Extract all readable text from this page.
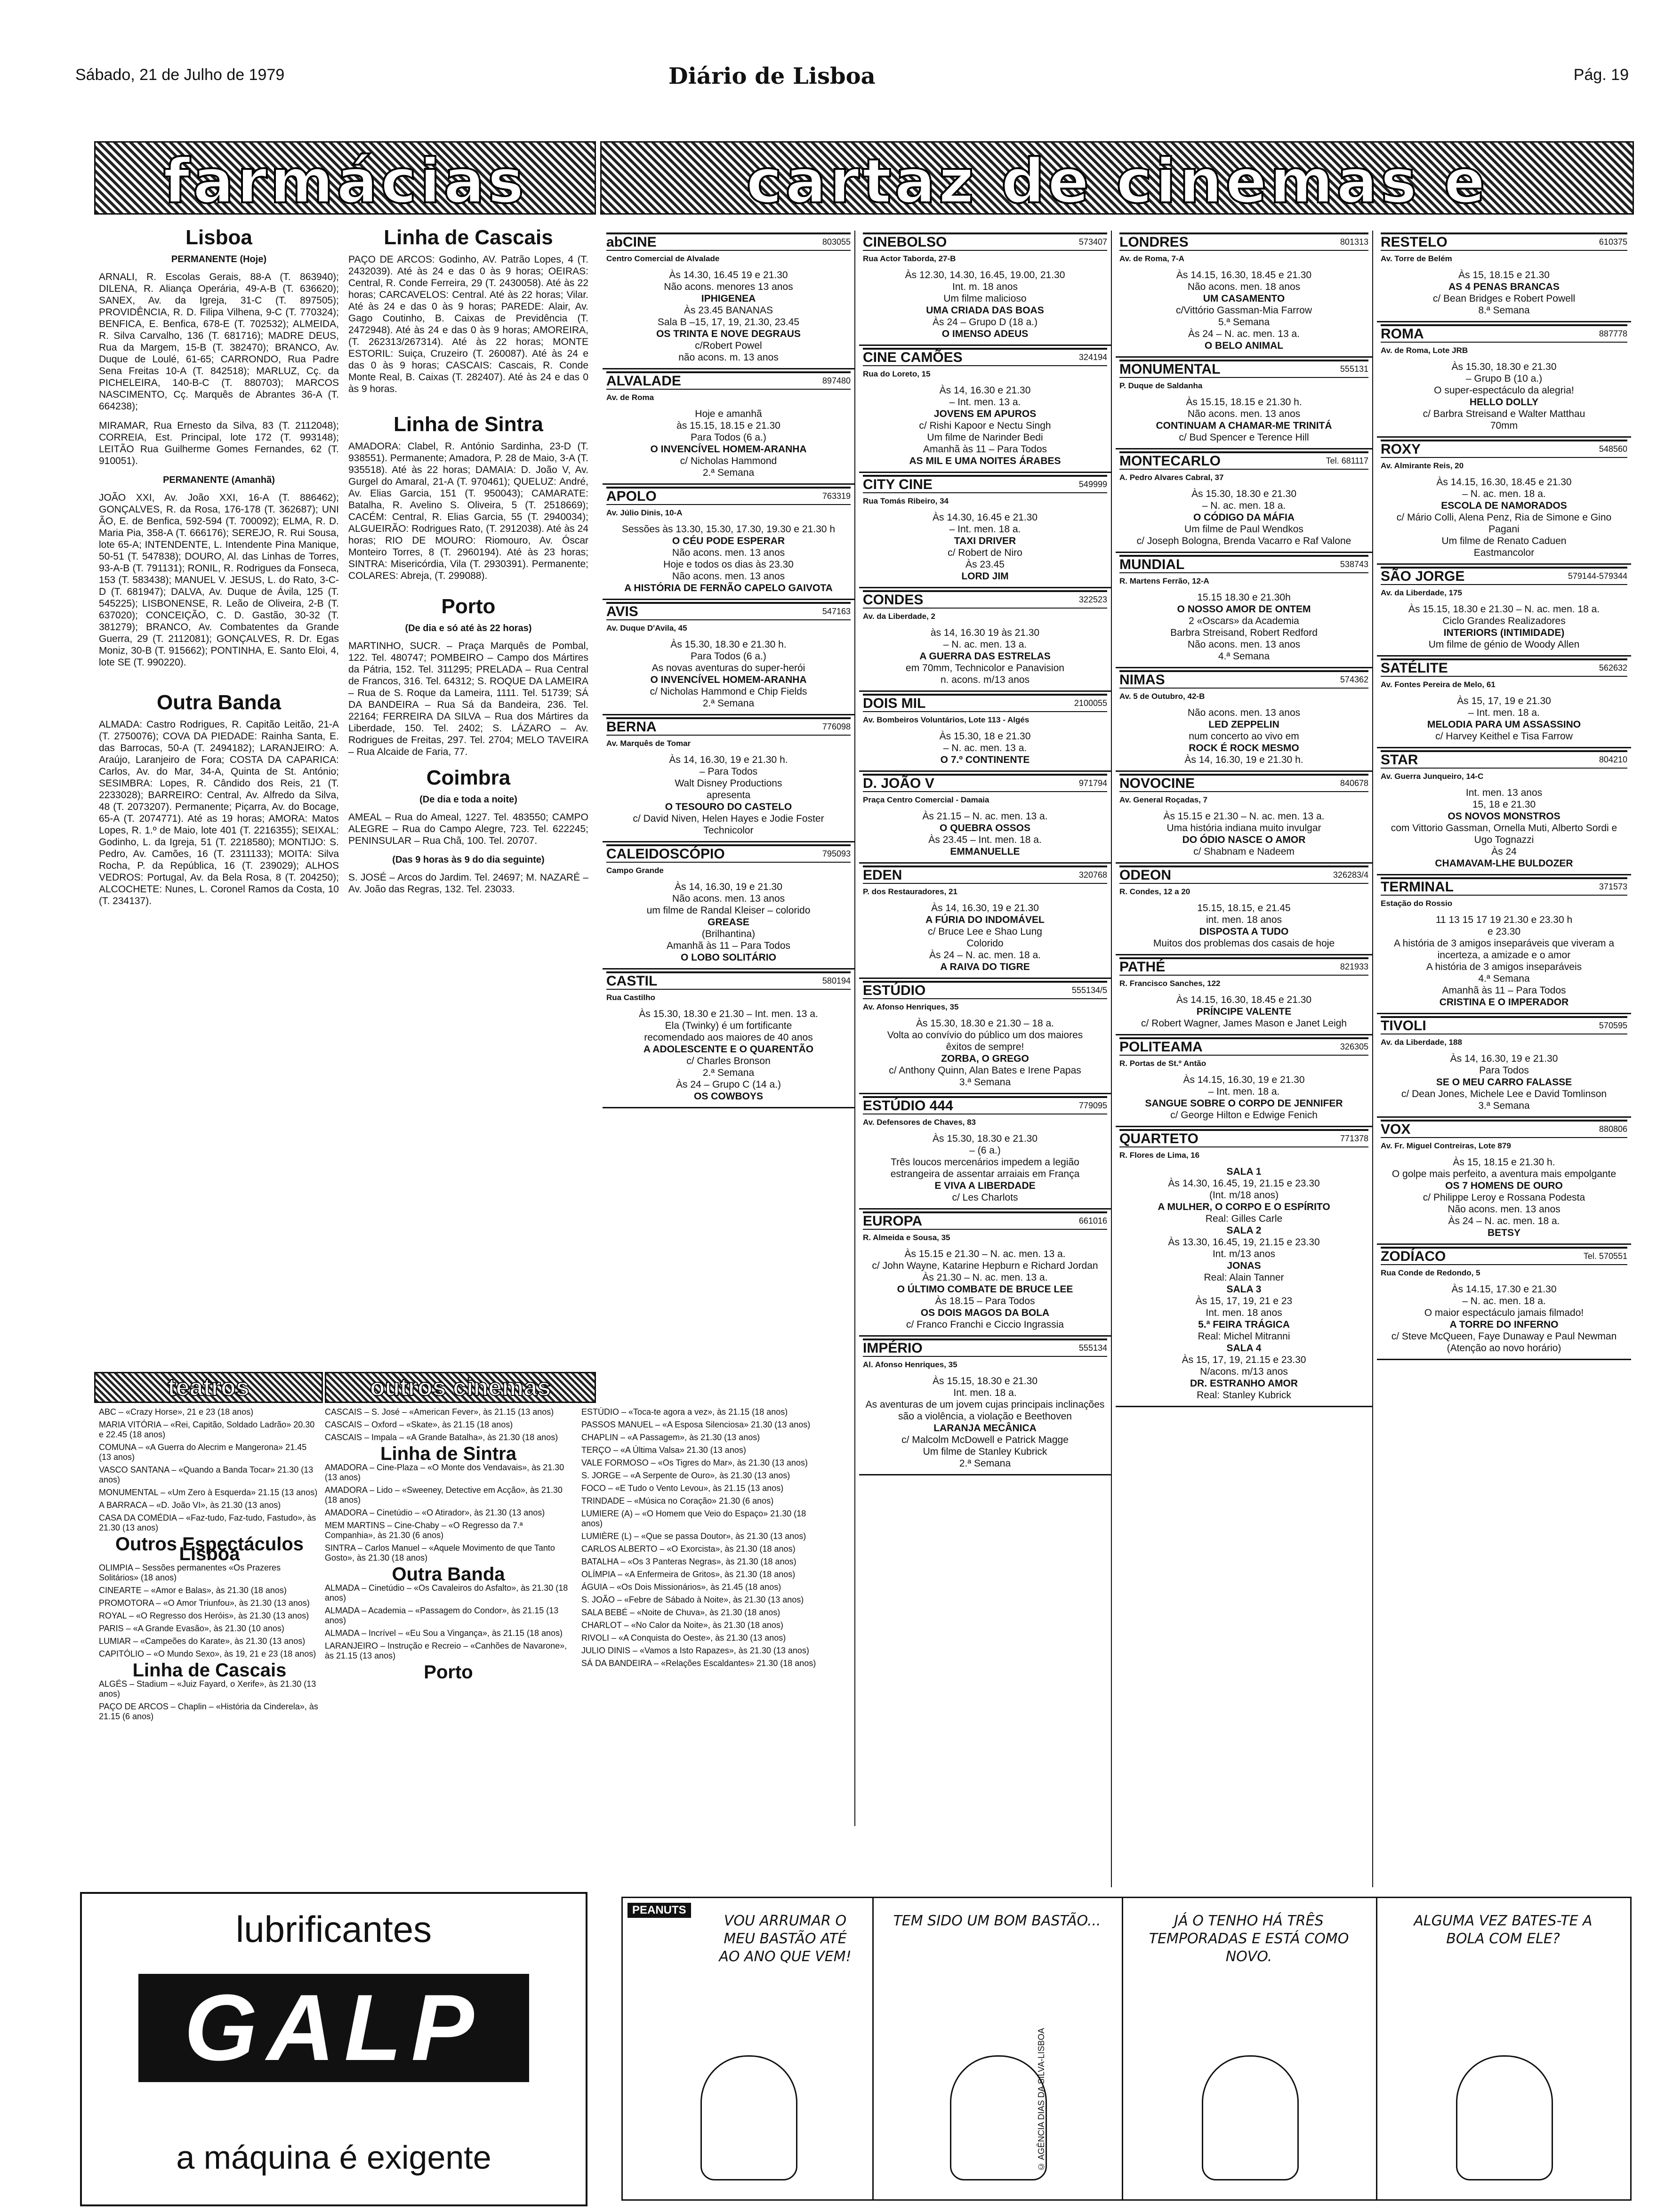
Sábado, 21 de Julho de 1979	Diário de Lisboa	Pág. 19
farmácias	cartaz de cinemas e
Lisboa
PERMANENTE (Hoje)

ARNALI, R. Escolas Gerais, 88-A (T. 863940); DILENA, R. Aliança Operária, 49-A-B (T. 636620); SANEX, Av. da Igreja, 31-C (T. 897505); PROVIDÊNCIA, R. D. Filipa Vilhena, 9-C (T. 770324); BENFICA, E. Benfica, 678-E (T. 702532); ALMEIDA, R. Silva Carvalho, 136 (T. 681716); MADRE DEUS, Rua da Margem, 15-B (T. 382470); BRANCO, Av. Duque de Loulé, 61-65; CARRONDO, Rua Padre Sena Freitas 10-A (T. 842518); MARLUZ, Cç. da PICHELEIRA, 140-B-C (T. 880703); MARCOS NASCIMENTO, Cç. Marquês de Abrantes 36-A (T. 664238);

MIRAMAR, Rua Ernesto da Silva, 83 (T. 2112048); CORREIA, Est. Principal, lote 172 (T. 993148); LEITÃO Rua Guilherme Gomes Fernandes, 62 (T. 910051).

PERMANENTE (Amanhã)

JOÃO XXI, Av. João XXI, 16-A (T. 886462); GONÇALVES, R. da Rosa, 176-178 (T. 362687); UNI ÃO, E. de Benfica, 592-594 (T. 700092); ELMA, R. D. Maria Pia, 358-A (T. 666176); SEREJO, R. Rui Sousa, lote 65-A; INTENDENTE, L. Intendente Pina Manique, 50-51 (T. 547838); DOURO, Al. das Linhas de Torres, 93-A-B (T. 791131); RONIL, R. Rodrigues da Fonseca, 153 (T. 583438); MANUEL V. JESUS, L. do Rato, 3-C-D (T. 681947); DALVA, Av. Duque de Ávila, 125 (T. 545225); LISBONENSE, R. Leão de Oliveira, 2-B (T. 637020); CONCEIÇÃO, C. D. Gastão, 30-32 (T. 381279); BRANCO, Av. Combatentes da Grande Guerra, 29 (T. 2112081); GONÇALVES, R. Dr. Egas Moniz, 30-B (T. 915662); PONTINHA, E. Santo Eloi, 4, lote SE (T. 990220).

Outra Banda

ALMADA: Castro Rodrigues, R. Capitão Leitão, 21-A (T. 2750076); COVA DA PIEDADE: Rainha Santa, E. das Barrocas, 50-A (T. 2494182); LARANJEIRO: A. Araújo, Laranjeiro de Fora; COSTA DA CAPARICA: Carlos, Av. do Mar, 34-A, Quinta de St. António; SESIMBRA: Lopes, R. Cândido dos Reis, 21 (T. 2233028); BARREIRO: Central, Av. Alfredo da Silva, 48 (T. 2073207). Permanente; Piçarra, Av. do Bocage, 65-A (T. 2074771). Até as 19 horas; AMORA: Matos Lopes, R. 1.º de Maio, lote 401 (T. 2216355); SEIXAL: Godinho, L. da Igreja, 51 (T. 2218580); MONTIJO: S. Pedro, Av. Camões, 16 (T. 2311133); MOITA: Silva Rocha, P. da República, 16 (T. 239029); ALHOS VEDROS: Portugal, Av. da Bela Rosa, 8 (T. 204250); ALCOCHETE: Nunes, L. Coronel Ramos da Costa, 10 (T. 234137).

Linha de Cascais

PAÇO DE ARCOS: Godinho, AV. Patrão Lopes, 4 (T. 2432039). Até às 24 e das 0 às 9 horas; OEIRAS: Central, R. Conde Ferreira, 29 (T. 2430058). Até às 22 horas; CARCAVELOS: Central. Até às 22 horas; Vilar. Até às 24 e das 0 às 9 horas; PAREDE: Alair, Av. Gago Coutinho, B. Caixas de Previdência (T. 2472948). Até às 24 e das 0 às 9 horas; AMOREIRA, (T. 262313/267314). Até às 22 horas; MONTE ESTORIL: Suiça, Cruzeiro (T. 260087). Até às 24 e das 0 às 9 horas; CASCAIS: Cascais, R. Conde Monte Real, B. Caixas (T. 282407). Até às 24 e das 0 às 9 horas.

Linha de Sintra

AMADORA: Clabel, R. António Sardinha, 23-D (T. 938551). Permanente; Amadora, P. 28 de Maio, 3-A (T. 935518). Até às 22 horas; DAMAIA: D. João V, Av. Gurgel do Amaral, 21-A (T. 970461); QUELUZ: André, Av. Elias Garcia, 151 (T. 950043); CAMARATE: Batalha, R. Avelino S. Oliveira, 5 (T. 2518669); CACÉM: Central, R. Elias Garcia, 55 (T. 2940034); ALGUEIRÃO: Rodrigues Rato, (T. 2912038). Até às 24 horas; RIO DE MOURO: Riomouro, Av. Óscar Monteiro Torres, 8 (T. 2960194). Até às 23 horas; SINTRA: Misericórdia, Vila (T. 2930391). Permanente; COLARES: Abreja, (T. 299088).

Porto
(De dia e só até às 22 horas)

MARTINHO, SUCR. – Praça Marquês de Pombal, 122. Tel. 480747; POMBEIRO – Campo dos Mártires da Pátria, 152. Tel. 311295; PRELADA – Rua Central de Francos, 316. Tel. 64312; S. ROQUE DA LAMEIRA – Rua de S. Roque da Lameira, 1111. Tel. 51739; SÁ DA BANDEIRA – Rua Sá da Bandeira, 236. Tel. 22164; FERREIRA DA SILVA – Rua dos Mártires da Liberdade, 150. Tel. 2402; S. LÁZARO – Av. Rodrigues de Freitas, 297. Tel. 2704; MELO TAVEIRA – Rua Alcaide de Faria, 77.

Coimbra
(De dia e toda a noite)

AMEAL – Rua do Ameal, 1227. Tel. 483550; CAMPO ALEGRE – Rua do Campo Alegre, 723. Tel. 622245; PENINSULAR – Rua Chã, 100. Tel. 20707.

(Das 9 horas às 9 do dia seguinte)

S. JOSÉ – Arcos do Jardim. Tel. 24697; M. NAZARÉ – Av. João das Regras, 132. Tel. 23033.

abCINE	803055
Centro Comercial de Alvalade
Às 14.30, 16.45 19 e 21.30
Não acons. menores 13 anos
IPHIGENEA
Às 23.45 BANANAS
Sala B –15, 17, 19, 21.30, 23.45
OS TRINTA E NOVE DEGRAUS
c/Robert Powel
não acons. m. 13 anos
ALVALADE	897480
Av. de Roma
Hoje e amanhã
às 15.15, 18.15 e 21.30
Para Todos (6 a.)
O INVENCÍVEL HOMEM-ARANHA
c/ Nicholas Hammond
2.ª Semana
APOLO	763319
Av. Júlio Dinis, 10-A
Sessões às 13.30, 15.30, 17.30, 19.30 e 21.30 h
O CÉU PODE ESPERAR
Não acons. men. 13 anos
Hoje e todos os dias às 23.30
Não acons. men. 13 anos
A HISTÓRIA DE FERNÃO CAPELO GAIVOTA
AVIS	547163
Av. Duque D'Avila, 45
Às 15.30, 18.30 e 21.30 h.
Para Todos (6 a.)
As novas aventuras do super-herói
O INVENCÍVEL HOMEM-ARANHA
c/ Nicholas Hammond e Chip Fields
2.ª Semana
BERNA	776098
Av. Marquês de Tomar
Às 14, 16.30, 19 e 21.30 h.
– Para Todos
Walt Disney Productions
apresenta
O TESOURO DO CASTELO
c/ David Niven, Helen Hayes e Jodie Foster
Technicolor
CALEIDOSCÓPIO	795093
Campo Grande
Às 14, 16.30, 19 e 21.30
Não acons. men. 13 anos
um filme de Randal Kleiser – colorido
GREASE
(Brilhantina)
Amanhã às 11 – Para Todos
O LOBO SOLITÁRIO
CASTIL	580194
Rua Castilho
Às 15.30, 18.30 e 21.30 – Int. men. 13 a.
Ela (Twinky) é um fortificante
recomendado aos maiores de 40 anos
A ADOLESCENTE E O QUARENTÃO
c/ Charles Bronson
2.ª Semana
Às 24 – Grupo C (14 a.)
OS COWBOYS
CINEBOLSO	573407
Rua Actor Taborda, 27-B
Às 12.30, 14.30, 16.45, 19.00, 21.30
Int. m. 18 anos
Um filme malicioso
UMA CRIADA DAS BOAS
Às 24 – Grupo D (18 a.)
O IMENSO ADEUS
CINE CAMÕES	324194
Rua do Loreto, 15
Às 14, 16.30 e 21.30
– Int. men. 13 a.
JOVENS EM APUROS
c/ Rishi Kapoor e Nectu Singh
Um filme de Narinder Bedi
Amanhã às 11 – Para Todos
AS MIL E UMA NOITES ÁRABES
CITY CINE	549999
Rua Tomás Ribeiro, 34
Às 14.30, 16.45 e 21.30
– Int. men. 18 a.
TAXI DRIVER
c/ Robert de Niro
Às 23.45
LORD JIM
CONDES	322523
Av. da Liberdade, 2
às 14, 16.30 19 às 21.30
– N. ac. men. 13 a.
A GUERRA DAS ESTRELAS
em 70mm, Technicolor e Panavision
n. acons. m/13 anos
DOIS MIL	2100055
Av. Bombeiros Voluntários, Lote 113 - Algés
Às 15.30, 18 e 21.30
– N. ac. men. 13 a.
O 7.º CONTINENTE
D. JOÃO V	971794
Praça Centro Comercial - Damaia
Às 21.15 – N. ac. men. 13 a.
O QUEBRA OSSOS
Às 23.45 – Int. men. 18 a.
EMMANUELLE
EDEN	320768
P. dos Restauradores, 21
Às 14, 16.30, 19 e 21.30
A FÚRIA DO INDOMÁVEL
c/ Bruce Lee e Shao Lung
Colorido
Às 24 – N. ac. men. 18 a.
A RAIVA DO TIGRE
ESTÚDIO	555134/5
Av. Afonso Henriques, 35
Às 15.30, 18.30 e 21.30 – 18 a.
Volta ao convívio do público um dos maiores
êxitos de sempre!
ZORBA, O GREGO
c/ Anthony Quinn, Alan Bates e Irene Papas
3.ª Semana
ESTÚDIO 444	779095
Av. Defensores de Chaves, 83
Às 15.30, 18.30 e 21.30
– (6 a.)
Três loucos mercenários impedem a legião
estrangeira de assentar arraiais em França
E VIVA A LIBERDADE
c/ Les Charlots
EUROPA	661016
R. Almeida e Sousa, 35
Às 15.15 e 21.30 – N. ac. men. 13 a.
c/ John Wayne, Katarine Hepburn e Richard Jordan
Às 21.30 – N. ac. men. 13 a.
O ÚLTIMO COMBATE DE BRUCE LEE
Às 18.15 – Para Todos
OS DOIS MAGOS DA BOLA
c/ Franco Franchi e Ciccio Ingrassia
IMPÉRIO	555134
Al. Afonso Henriques, 35
Às 15.15, 18.30 e 21.30
Int. men. 18 a.
As aventuras de um jovem cujas principais inclinações são a violência, a violação e Beethoven
LARANJA MECÂNICA
c/ Malcolm McDowell e Patrick Magge
Um filme de Stanley Kubrick
2.ª Semana
LONDRES	801313
Av. de Roma, 7-A
Às 14.15, 16.30, 18.45 e 21.30
Não acons. men. 18 anos
UM CASAMENTO
c/Vittório Gassman-Mia Farrow
5.ª Semana
Às 24 – N. ac. men. 13 a.
O BELO ANIMAL
MONUMENTAL	555131
P. Duque de Saldanha
Às 15.15, 18.15 e 21.30 h.
Não acons. men. 13 anos
CONTINUAM A CHAMAR-ME TRINITÁ
c/ Bud Spencer e Terence Hill
MONTECARLO	Tel. 681117
A. Pedro Alvares Cabral, 37
Às 15.30, 18.30 e 21.30
– N. ac. men. 18 a.
O CÓDIGO DA MÁFIA
Um filme de Paul Wendkos
c/ Joseph Bologna, Brenda Vacarro e Raf Valone
MUNDIAL	538743
R. Martens Ferrão, 12-A
15.15 18.30 e 21.30h
O NOSSO AMOR DE ONTEM
2 «Oscars» da Academia
Barbra Streisand, Robert Redford
Não acons. men. 13 anos
4.ª Semana
NIMAS	574362
Av. 5 de Outubro, 42-B
Não acons. men. 13 anos
LED ZEPPELIN
num concerto ao vivo em
ROCK É ROCK MESMO
Às 14, 16.30, 19 e 21.30 h.
NOVOCINE	840678
Av. General Roçadas, 7
Às 15.15 e 21.30 – N. ac. men. 13 a.
Uma história indiana muito invulgar
DO ÓDIO NASCE O AMOR
c/ Shabnam e Nadeem
ODEON	326283/4
R. Condes, 12 a 20
15.15, 18.15, e 21.45
int. men. 18 anos
DISPOSTA A TUDO
Muitos dos problemas dos casais de hoje
PATHÉ	821933
R. Francisco Sanches, 122
Às 14.15, 16.30, 18.45 e 21.30
PRÍNCIPE VALENTE
c/ Robert Wagner, James Mason e Janet Leigh
POLITEAMA	326305
R. Portas de St.º Antão
Às 14.15, 16.30, 19 e 21.30
– Int. men. 18 a.
SANGUE SOBRE O CORPO DE JENNIFER
c/ George Hilton e Edwige Fenich
QUARTETO	771378
R. Flores de Lima, 16
SALA 1
Às 14.30, 16.45, 19, 21.15 e 23.30
(Int. m/18 anos)
A MULHER, O CORPO E O ESPÍRITO
Real: Gilles Carle
SALA 2
Às 13.30, 16.45, 19, 21.15 e 23.30
Int. m/13 anos
JONAS
Real: Alain Tanner
SALA 3
Às 15, 17, 19, 21 e 23
Int. men. 18 anos
5.ª FEIRA TRÁGICA
Real: Michel Mitranni
SALA 4
Às 15, 17, 19, 21.15 e 23.30
N/acons. m/13 anos
DR. ESTRANHO AMOR
Real: Stanley Kubrick
RESTELO	610375
Av. Torre de Belém
Às 15, 18.15 e 21.30
AS 4 PENAS BRANCAS
c/ Bean Bridges e Robert Powell
8.ª Semana
ROMA	887778
Av. de Roma, Lote JRB
Às 15.30, 18.30 e 21.30
– Grupo B (10 a.)
O super-espectáculo da alegria!
HELLO DOLLY
c/ Barbra Streisand e Walter Matthau
70mm
ROXY	548560
Av. Almirante Reis, 20
Às 14.15, 16.30, 18.45 e 21.30
– N. ac. men. 18 a.
ESCOLA DE NAMORADOS
c/ Mário Colli, Alena Penz, Ria de Simone e Gino Pagani
Um filme de Renato Caduen
Eastmancolor
SÃO JORGE	579144-579344
Av. da Liberdade, 175
Às 15.15, 18.30 e 21.30 – N. ac. men. 18 a.
Ciclo Grandes Realizadores
INTERIORS (INTIMIDADE)
Um filme de génio de Woody Allen
SATÉLITE	562632
Av. Fontes Pereira de Melo, 61
Às 15, 17, 19 e 21.30
– Int. men. 18 a.
MELODIA PARA UM ASSASSINO
c/ Harvey Keithel e Tisa Farrow
STAR	804210
Av. Guerra Junqueiro, 14-C
Int. men. 13 anos
15, 18 e 21.30
OS NOVOS MONSTROS
com Vittorio Gassman, Ornella Muti, Alberto Sordi e Ugo Tognazzi
Às 24
CHAMAVAM-LHE BULDOZER
TERMINAL	371573
Estação do Rossio
11 13 15 17 19 21.30 e 23.30 h
e 23.30
A história de 3 amigos inseparáveis que viveram a incerteza, a amizade e o amor
A história de 3 amigos inseparáveis
4.ª Semana
Amanhã às 11 – Para Todos
CRISTINA E O IMPERADOR
TIVOLI	570595
Av. da Liberdade, 188
Às 14, 16.30, 19 e 21.30
Para Todos
SE O MEU CARRO FALASSE
c/ Dean Jones, Michele Lee e David Tomlinson
3.ª Semana
VOX	880806
Av. Fr. Miguel Contreiras, Lote 879
Às 15, 18.15 e 21.30 h.
O golpe mais perfeito, a aventura mais empolgante
OS 7 HOMENS DE OURO
c/ Philippe Leroy e Rossana Podesta
Não acons. men. 13 anos
Às 24 – N. ac. men. 18 a.
BETSY
ZODÍACO	Tel. 570551
Rua Conde de Redondo, 5
Às 14.15, 17.30 e 21.30
– N. ac. men. 18 a.
O maior espectáculo jamais filmado!
A TORRE DO INFERNO
c/ Steve McQueen, Faye Dunaway e Paul Newman
(Atenção ao novo horário)
teatros	outros cinemas
ABC – «Crazy Horse», 21 e 23 (18 anos)
MARIA VITÓRIA – «Rei, Capitão, Soldado Ladrão» 20.30 e 22.45 (18 anos)
COMUNA – «A Guerra do Alecrim e Mangerona» 21.45 (13 anos)
VASCO SANTANA – «Quando a Banda Tocar» 21.30 (13 anos)
MONUMENTAL – «Um Zero à Esquerda» 21.15 (13 anos)
A BARRACA – «D. João VI», às 21.30 (13 anos)
CASA DA COMÉDIA – «Faz-tudo, Faz-tudo, Fastudo», às 21.30 (13 anos)
Outros Espectáculos Lisboa
OLIMPIA – Sessões permanentes «Os Prazeres Solitários» (18 anos)
CINEARTE – «Amor e Balas», às 21.30 (18 anos)
PROMOTORA – «O Amor Triunfou», às 21.30 (13 anos)
ROYAL – «O Regresso dos Heróis», às 21.30 (13 anos)
PARIS – «A Grande Evasão», às 21.30 (10 anos)
LUMIAR – «Campeões do Karate», às 21.30 (13 anos)
CAPITÓLIO – «O Mundo Sexo», às 19, 21 e 23 (18 anos)
Linha de Cascais
ALGÉS – Stadium – «Juiz Fayard, o Xerife», às 21.30 (13 anos)
PAÇO DE ARCOS – Chaplin – «História da Cinderela», às 21.15 (6 anos)
CASCAIS – S. José – «American Fever», às 21.15 (13 anos)
CASCAIS – Oxford – «Skate», às 21.15 (18 anos)
CASCAIS – Impala – «A Grande Batalha», às 21.30 (18 anos)
Linha de Sintra
AMADORA – Cine-Plaza – «O Monte dos Vendavais», às 21.30 (13 anos)
AMADORA – Lido – «Sweeney, Detective em Acção», às 21.30 (18 anos)
AMADORA – Cinetúdio – «O Atirador», às 21.30 (13 anos)
MEM MARTINS – Cine-Chaby – «O Regresso da 7.ª Companhia», às 21.30 (6 anos)
SINTRA – Carlos Manuel – «Aquele Movimento de que Tanto Gosto», às 21.30 (18 anos)
Outra Banda
ALMADA – Cinetúdio – «Os Cavaleiros do Asfalto», às 21.30 (18 anos)
ALMADA – Academia – «Passagem do Condor», às 21.15 (13 anos)
ALMADA – Incrível – «Eu Sou a Vingança», às 21.15 (18 anos)
LARANJEIRO – Instrução e Recreio – «Canhões de Navarone», às 21.15 (13 anos)
Porto
ESTÚDIO – «Toca-te agora a vez», às 21.15 (18 anos)
PASSOS MANUEL – «A Esposa Silenciosa» 21.30 (13 anos)
CHAPLIN – «A Passagem», às 21.30 (13 anos)
TERÇO – «A Última Valsa» 21.30 (13 anos)
VALE FORMOSO – «Os Tigres do Mar», às 21.30 (13 anos)
S. JORGE – «A Serpente de Ouro», às 21.30 (13 anos)
FOCO – «E Tudo o Vento Levou», às 21.15 (13 anos)
TRINDADE – «Música no Coração» 21.30 (6 anos)
LUMIERE (A) – «O Homem que Veio do Espaço» 21.30 (18 anos)
LUMIÈRE (L) – «Que se passa Doutor», às 21.30 (13 anos)
CARLOS ALBERTO – «O Exorcista», às 21.30 (18 anos)
BATALHA – «Os 3 Panteras Negras», às 21.30 (18 anos)
OLÍMPIA – «A Enfermeira de Gritos», às 21.30 (18 anos)
ÁGUIA – «Os Dois Missionários», às 21.45 (18 anos)
S. JOÃO – «Febre de Sábado à Noite», às 21.30 (13 anos)
SALA BEBÉ – «Noite de Chuva», às 21.30 (18 anos)
CHARLOT – «No Calor da Noite», às 21.30 (18 anos)
RIVOLI – «A Conquista do Oeste», às 21.30 (13 anos)
JULIO DINIS – «Vamos a Isto Rapazes», às 21.30 (13 anos)
SÁ DA BANDEIRA – «Relações Escaldantes» 21.30 (18 anos)
lubrificantes
GALP
a máquina é exigente
PEANUTS
VOU ARRUMAR O MEU BASTÃO ATÉ AO ANO QUE VEM!
TEM SIDO UM BOM BASTÃO...
© AGÊNCIA DIAS DA SILVA-LISBOA
JÁ O TENHO HÁ TRÊS TEMPORADAS E ESTÁ COMO NOVO.
ALGUMA VEZ BATES-TE A BOLA COM ELE?
